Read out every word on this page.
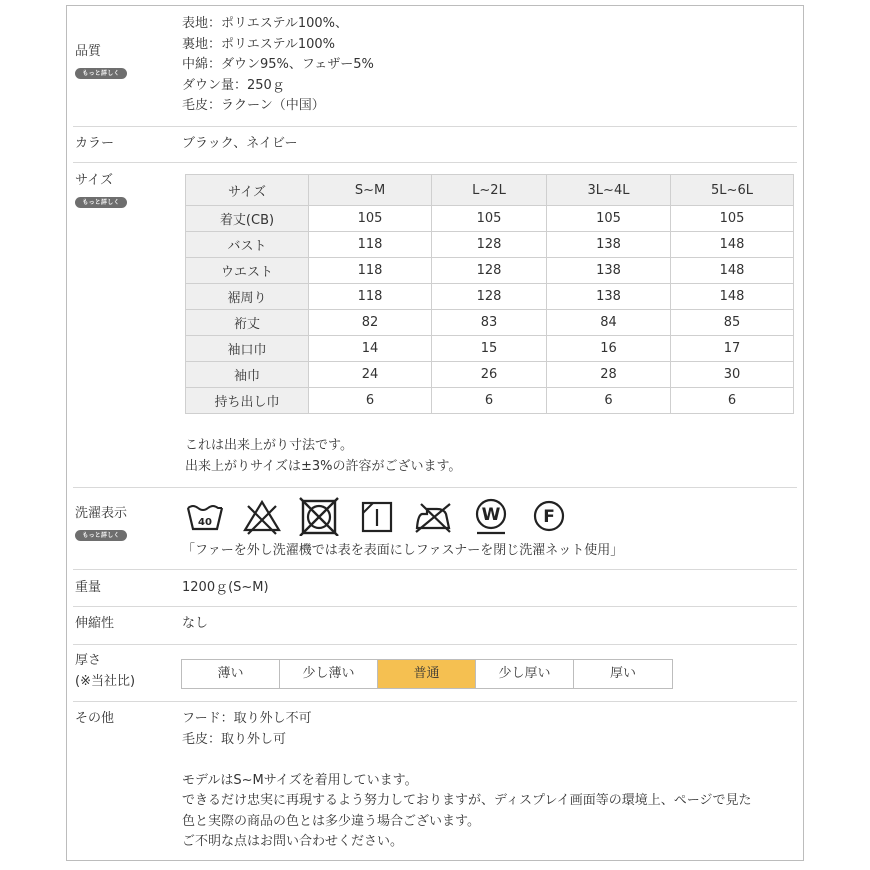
品質
もっと詳しく
表地：ポリエステル100%、
裏地：ポリエステル100%
中綿：ダウン95%、フェザー5%
ダウン量：250ｇ
毛皮：ラクーン（中国）
カラー	ブラック、ネイビー
サイズ
もっと詳しく
サイズ	S~M	L~2L	3L~4L	5L~6L
着丈(CB)	105	105	105	105
バスト	118	128	138	148
ウエスト	118	128	138	148
裾周り	118	128	138	148
裄丈	82	83	84	85
袖口巾	14	15	16	17
袖巾	24	26	28	30
持ち出し巾	6	6	6	6
これは出来上がり寸法です。
出来上がりサイズは±3%の許容がございます。
洗濯表示
もっと詳しく
40	W	F
「ファーを外し洗濯機では表を表面にしファスナーを閉じ洗濯ネット使用」
重量	1200ｇ(S~M)
伸縮性	なし
厚さ
(※当社比)
薄い	少し薄い	普通	少し厚い	厚い
その他	フード：取り外し不可
毛皮：取り外し可
モデルはS~Mサイズを着用しています。
できるだけ忠実に再現するよう努力しておりますが、ディスプレイ画面等の環境上、ページで見た
色と実際の商品の色とは多少違う場合ございます。
ご不明な点はお問い合わせください。
